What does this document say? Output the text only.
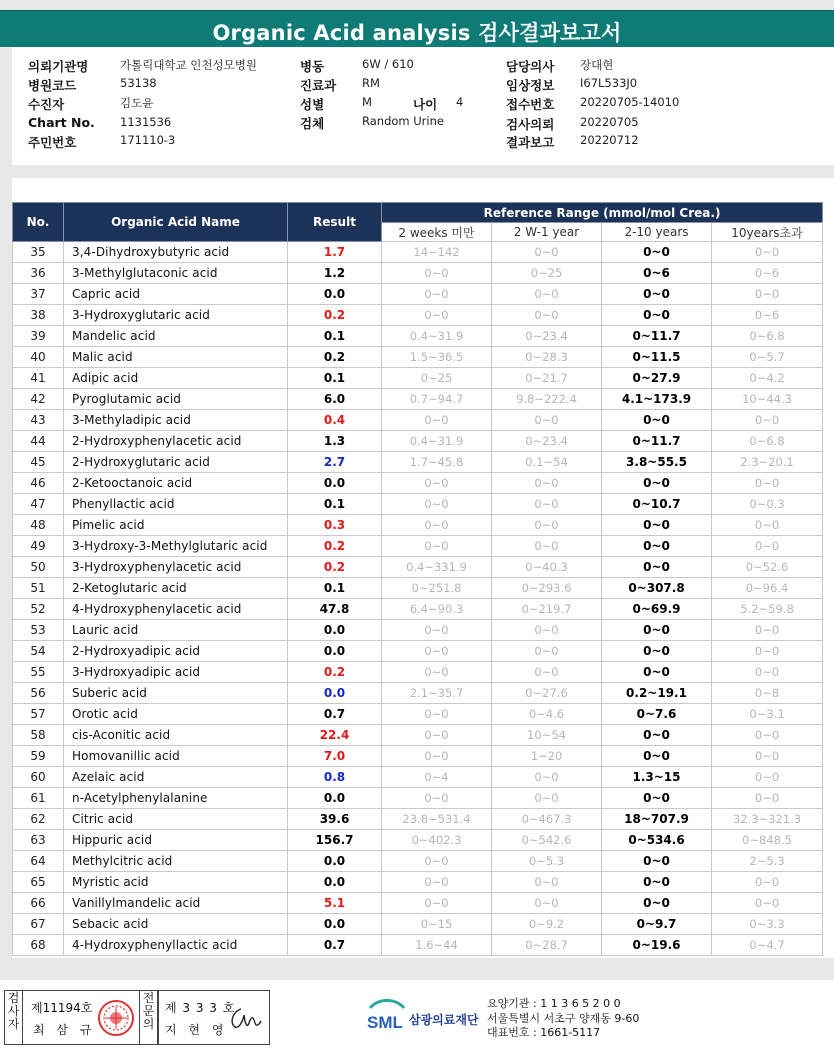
Organic Acid analysis 검사결과보고서
의뢰기관명	가톨릭대학교 인천성모병원
병원코드	53138
수진자	김도윤
Chart No. 1131536
주민번호	171110-3
병동	6W / 610
진료과 RM
성별	M	나이 4
검체	Random Urine
담당의사 장대현
임상정보 I67L533J0
접수번호 20220705-14010
검사의뢰 20220705
결과보고 20220712
No.	Organic Acid Name	Result	Reference Range (mmol/mol Crea.)			
			2 weeks 미만	2 W-1 year	2-10 years	10years초과
35	3,4-Dihydroxybutyric acid	1.7	14~142	0~0	0~0	0~0
36	3-Methylglutaconic acid	1.2	0~0	0~25	0~6	0~6
37	Capric acid	0.0	0~0	0~0	0~0	0~0
38	3-Hydroxyglutaric acid	0.2	0~0	0~0	0~0	0~6
39	Mandelic acid	0.1	0.4~31.9	0~23.4	0~11.7	0~6.8
40	Malic acid	0.2	1.5~36.5	0~28.3	0~11.5	0~5.7
41	Adipic acid	0.1	0~25	0~21.7	0~27.9	0~4.2
42	Pyroglutamic acid	6.0	0.7~94.7	9.8~222.4	4.1~173.9	10~44.3
43	3-Methyladipic acid	0.4	0~0	0~0	0~0	0~0
44	2-Hydroxyphenylacetic acid	1.3	0.4~31.9	0~23.4	0~11.7	0~6.8
45	2-Hydroxyglutaric acid	2.7	1.7~45.8	0.1~54	3.8~55.5	2.3~20.1
46	2-Ketooctanoic acid	0.0	0~0	0~0	0~0	0~0
47	Phenyllactic acid	0.1	0~0	0~0	0~10.7	0~0.3
48	Pimelic acid	0.3	0~0	0~0	0~0	0~0
49	3-Hydroxy-3-Methylglutaric acid	0.2	0~0	0~0	0~0	0~0
50	3-Hydroxyphenylacetic acid	0.2	0.4~331.9	0~40.3	0~0	0~52.6
51	2-Ketoglutaric acid	0.1	0~251.8	0~293.6	0~307.8	0~96.4
52	4-Hydroxyphenylacetic acid	47.8	6.4~90.3	0~219.7	0~69.9	5.2~59.8
53	Lauric acid	0.0	0~0	0~0	0~0	0~0
54	2-Hydroxyadipic acid	0.0	0~0	0~0	0~0	0~0
55	3-Hydroxyadipic acid	0.2	0~0	0~0	0~0	0~0
56	Suberic acid	0.0	2.1~35.7	0~27.6	0.2~19.1	0~8
57	Orotic acid	0.7	0~0	0~4.6	0~7.6	0~3.1
58	cis-Aconitic acid	22.4	0~0	10~54	0~0	0~0
59	Homovanillic acid	7.0	0~0	1~20	0~0	0~0
60	Azelaic acid	0.8	0~4	0~0	1.3~15	0~0
61	n-Acetylphenylalanine	0.0	0~0	0~0	0~0	0~0
62	Citric acid	39.6	23.8~531.4	0~467.3	18~707.9	32.3~321.3
63	Hippuric acid	156.7	0~402.3	0~542.6	0~534.6	0~848.5
64	Methylcitric acid	0.0	0~0	0~5.3	0~0	2~5.3
65	Myristic acid	0.0	0~0	0~0	0~0	0~0
66	Vanillylmandelic acid	5.1	0~0	0~0	0~0	0~0
67	Sebacic acid	0.0	0~15	0~9.2	0~9.7	0~3.3
68	4-Hydroxyphenyllactic acid	0.7	1.6~44	0~28.7	0~19.6	0~4.7
검사자
제11194호
최 삼 규
전문의
제 3 3 3 호
지 현 영	SML 삼광의료재단
요양기관 : 1 1 3 6 5 2 0 0
서울특별시 서초구 양재동 9-60
대표번호 : 1661-5117
